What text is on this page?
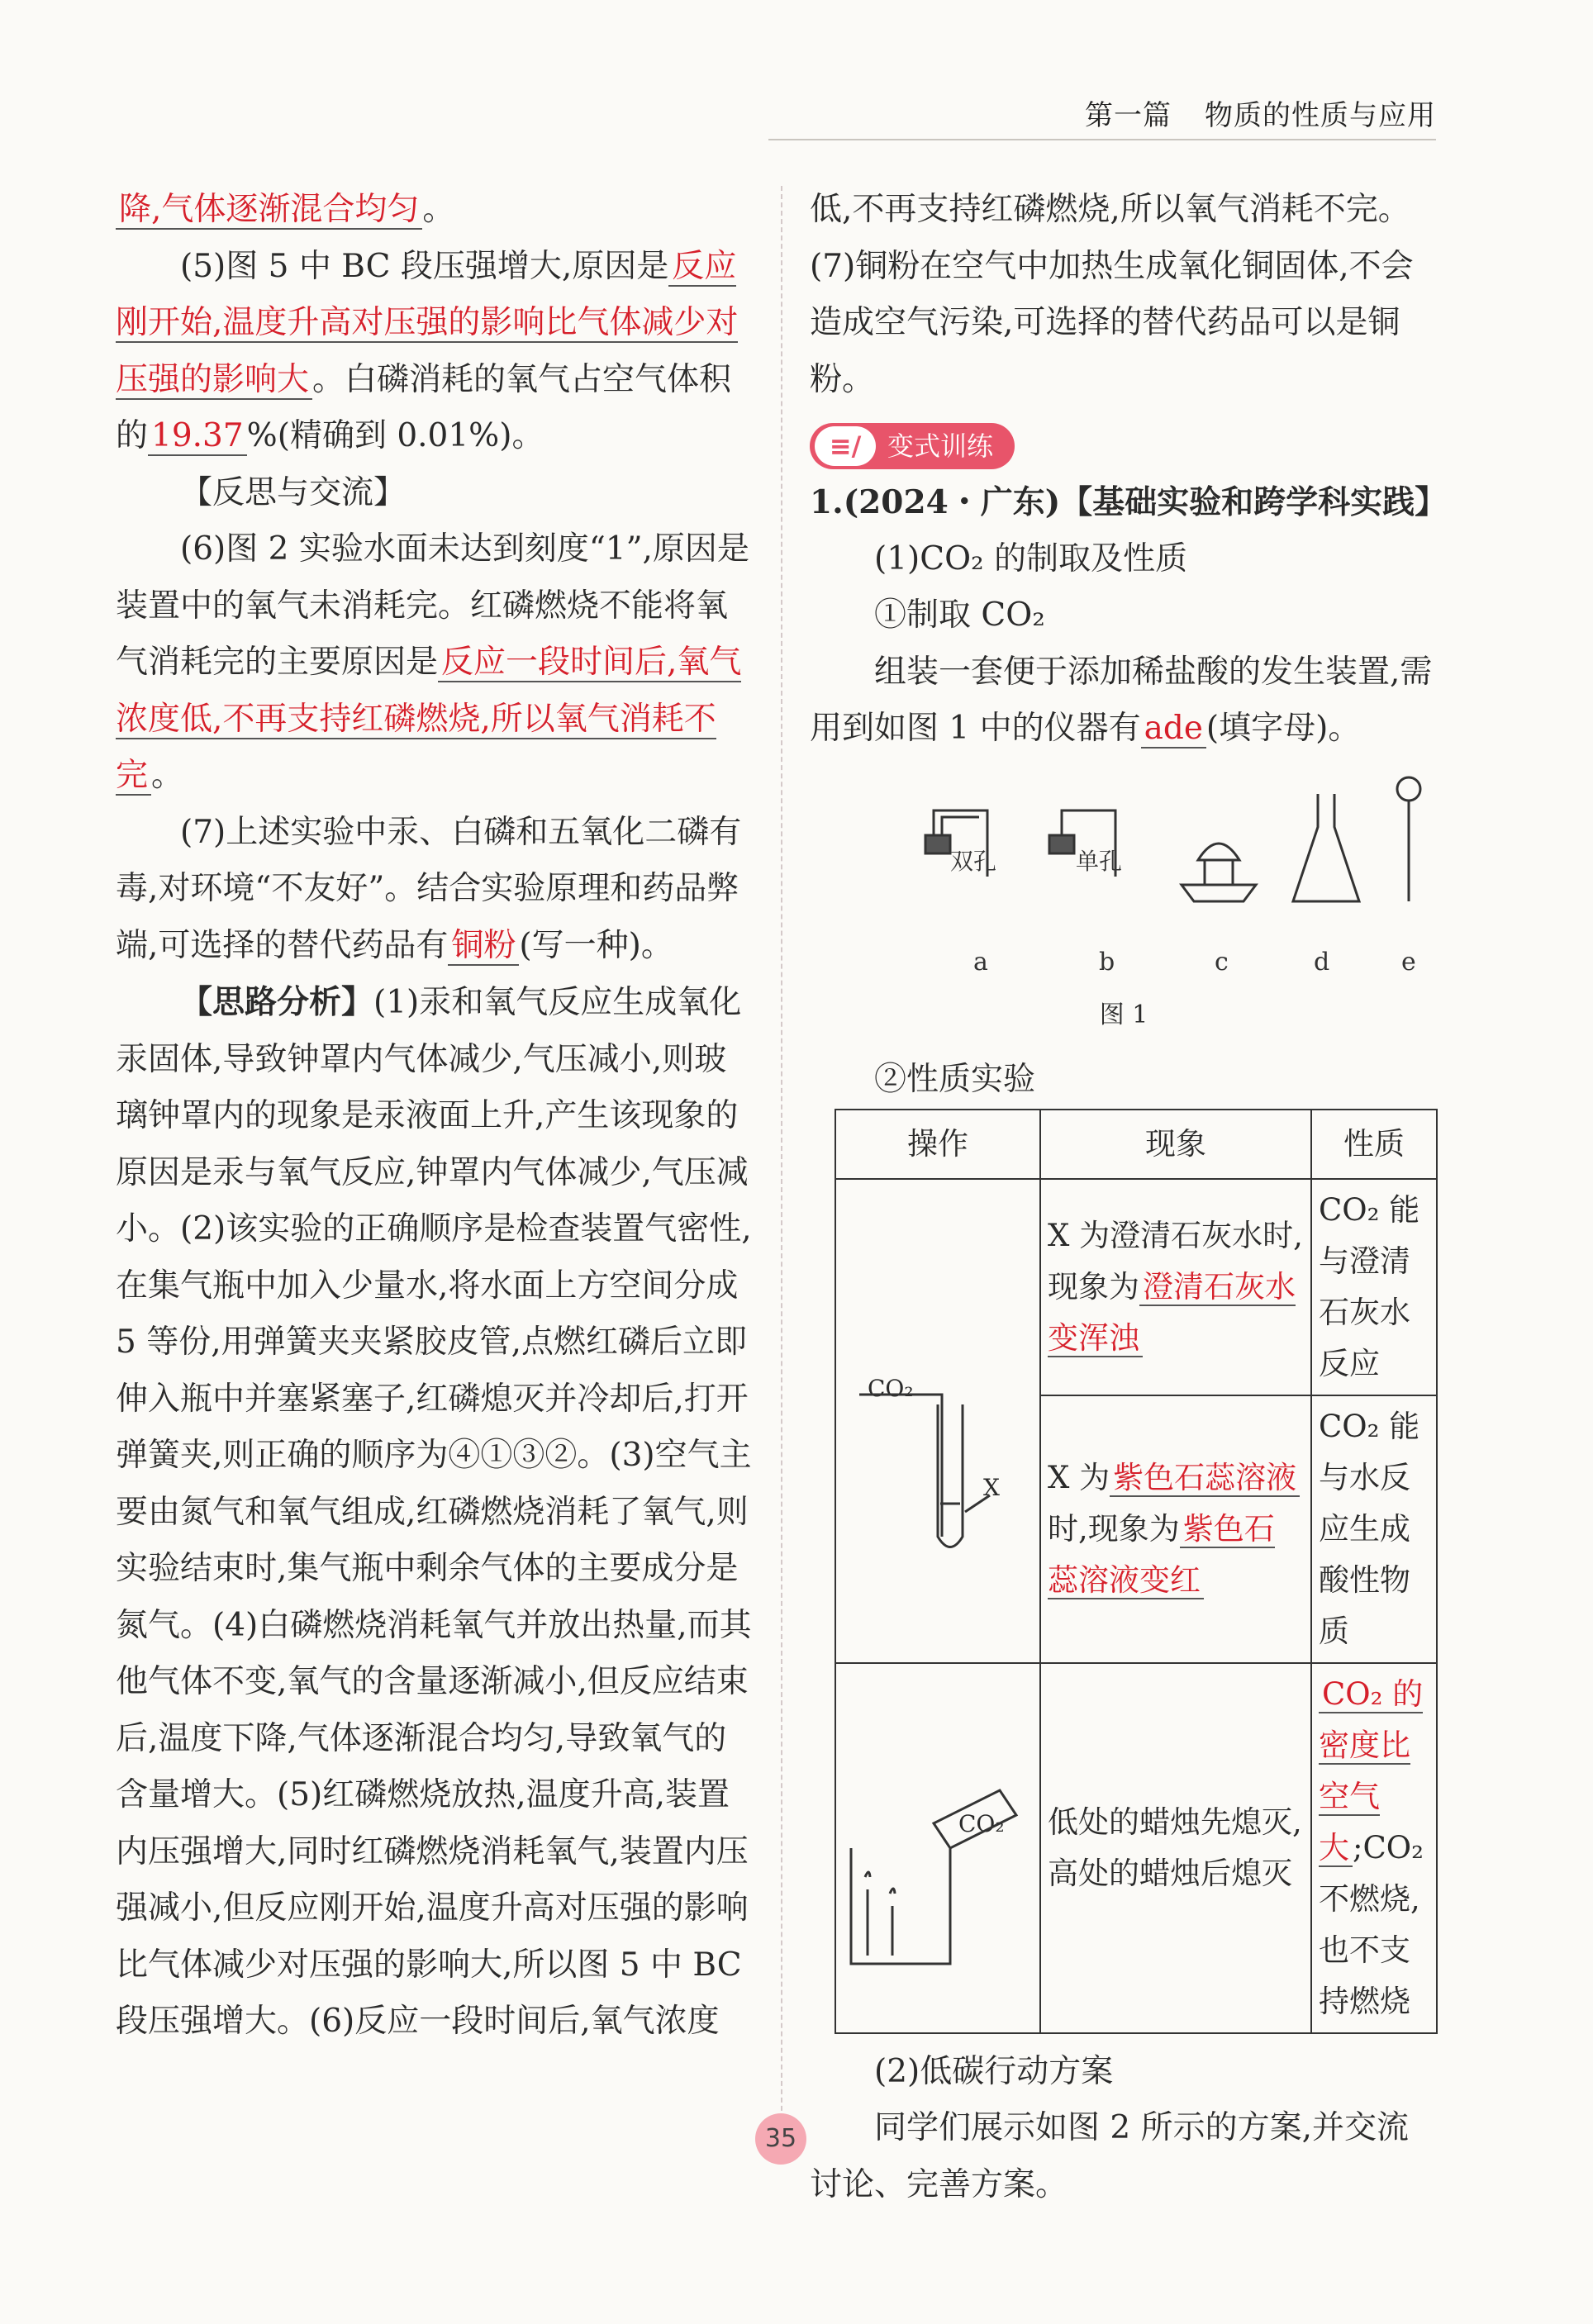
第一篇 物质的性质与应用

降,气体逐渐混合均匀 。

(5)图 5 中 BC 段压强增大,原因是 反应刚开始,温度升高对压强的影响比气体减少对压强的影响大 。白磷消耗的氧气占空气体积的 19.37 %(精确到 0.01%)。

【反思与交流】

(6)图 2 实验水面未达到刻度“1”,原因是装置中的氧气未消耗完。红磷燃烧不能将氧气消耗完的主要原因是 反应一段时间后,氧气浓度低,不再支持红磷燃烧,所以氧气消耗不完 。

(7)上述实验中汞、白磷和五氧化二磷有毒,对环境“不友好”。结合实验原理和药品弊端,可选择的替代药品有 铜粉 (写一种)。

【思路分析】(1)汞和氧气反应生成氧化汞固体,导致钟罩内气体减少,气压减小,则玻璃钟罩内的现象是汞液面上升,产生该现象的原因是汞与氧气反应,钟罩内气体减少,气压减小。(2)该实验的正确顺序是检查装置气密性,在集气瓶中加入少量水,将水面上方空间分成 5 等份,用弹簧夹夹紧胶皮管,点燃红磷后立即伸入瓶中并塞紧塞子,红磷熄灭并冷却后,打开弹簧夹,则正确的顺序为④①③②。(3)空气主要由氮气和氧气组成,红磷燃烧消耗了氧气,则实验结束时,集气瓶中剩余气体的主要成分是氮气。(4)白磷燃烧消耗氧气并放出热量,而其他气体不变,氧气的含量逐渐减小,但反应结束后,温度下降,气体逐渐混合均匀,导致氧气的含量增大。(5)红磷燃烧放热,温度升高,装置内压强增大,同时红磷燃烧消耗氧气,装置内压强减小,但反应刚开始,温度升高对压强的影响比气体减少对压强的影响大,所以图 5 中 BC 段压强增大。(6)反应一段时间后,氧气浓度

低,不再支持红磷燃烧,所以氧气消耗不完。(7)铜粉在空气中加热生成氧化铜固体,不会造成空气污染,可选择的替代药品可以是铜粉。

≡/ 变式训练

1.(2024・广东)【基础实验和跨学科实践】

(1)CO₂ 的制取及性质

①制取 CO₂

组装一套便于添加稀盐酸的发生装置,需用到如图 1 中的仪器有 ade (填字母)。

双孔	单孔
a	b	c	d	e
图 1

②性质实验

操作	现象	性质

CO₂
X	X 为澄清石灰水时,现象为 澄清石灰水变浑浊	CO₂ 能与澄清石灰水反应
	X 为 紫色石蕊溶液时,现象为 紫色石蕊溶液变红	CO₂ 能与水反应生成酸性物质

CO₂	低处的蜡烛先熄灭,高处的蜡烛后熄灭	CO₂ 的密度比空气大 ;CO₂ 不燃烧,也不支持燃烧

(2)低碳行动方案

同学们展示如图 2 所示的方案,并交流讨论、完善方案。

35
